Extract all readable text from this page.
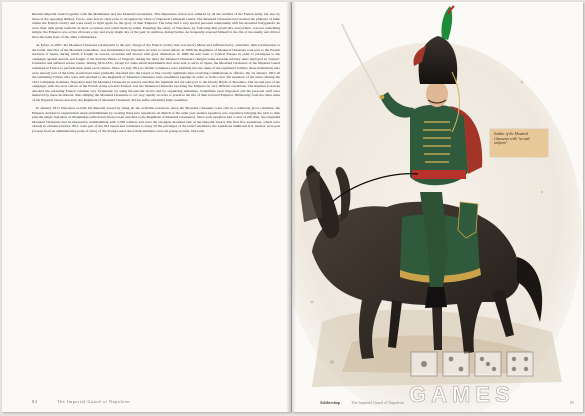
Russian Imperial Guard together with the Mamelukes and the Mounted Grenadiers. This impressive action was admired by all the soldiers of the French Army but also by those of the opposing military forces, who had no choice but to recognize the value of Napoleon's Imperial Guard. The Mounted Chasseurs had reached the pinnacle of fame within the French cavalry and were ready to fight again for the glory of their Emperor. The latter had a very special personal relationship with his mounted bodyguards: he wore their dark green uniform on most occasions and called them by name. Ensuring the safety of Napoleon, by following him practically everywhere, was not something simple: the Emperor was active 24 hours a day and every single day of the year; in addition, during battles, he frequently exposed himself to the fire of the enemy and did not have the same fears of the other commanders.

At Eylau, in 1807, the Mounted Chasseurs participated to the epic charge of the French cavalry that was led by Murat and suffered heavy casualties; their participation to the battle, like that of the Mounted Grenadiers, was fundamental for Napoleon in order to avoid defeat. In 1808 the Regiment of Mounted Chasseurs took part to the French invasion of Spain, during which it fought on several occasions and always with great distinction. In 1809 the unit went to Central Europe in order to participate to the campaign against Austria and fought at the decisive Battle of Wagram; during the latter the Mounted Chasseurs charged some Austrian infantry units deployed in "square" formation and suffered severe losses. During 1810-1811, except for some small detachments that were sent to serve in Spain, the Mounted Chasseurs of the Imperial Guard remained in France to perform their usual escort duties. Since 1st July 1811 no further volunteers were admitted into the ranks of the regiment's Vélites; those individuals who were already part of the latter would have been gradually absorbed into the Guard or line cavalry regiments after receiving commissions as officers. On 1st January 1812 all the remaining Vélites who were still attached to the Regiment of Mounted Chasseurs were assembled together in order to form a new 5th squadron of the latter. During the 1812 Campaign in Russia, Napoleon kept his Mounted Chasseurs in reserve and thus the regiment did not take part to the bloody Battle of Borodino. The second part of the campaign, with the slow retreat of the French Army towards Poland, saw the Mounted Chasseurs escorting the Emperor in very difficult conditions. The Russian Cossacks attacked the retreating French columns very frequently, by using hit-and-run tactics and by organizing ambushes. Sometimes even Napoleon and his personal staff were menaced by these incursions, thus obliging the Mounted Chasseurs to act very rapidly in order to preserve the life of their beloved Emperor. Differently from the other units of the Imperial Guard, however, the Regiment of Mounted Chasseurs did not suffer extremely high casualties.

In January 1813 Napoleon re-built his Imperial Guard by using all the available resources; since the Mounted Chasseurs were still in a relatively good condition, the Emperor decided to expand their usual establishment by creating three new squadrons. In March of the same year another squadron was organized, bringing the total to nine plus the single Squadron of Mamelukes (which had always been attached to the Regiment of Mounted Chasseurs). Since each squadron had a total of 250 men, the expanded Mounted Chasseurs had an impressive establishment with 2,500 soldiers and were the strongest mounted unit of the Imperial Guard. The first five squadrons, which were already in existence before 1812, were part of the Old Guard and continued to enjoy all the privileges of the latter's members; the squadrons numbered 6-9, instead, were part (at least from an administrative point of view) of the Young Guard since their members were all young recruits. The latter

84	The Imperial Guard of Napoleon
Soldier of the Mounted Chasseurs with "second uniform".
Soldiershop	The Imperial Guard of Napoleon	85
GAMES
